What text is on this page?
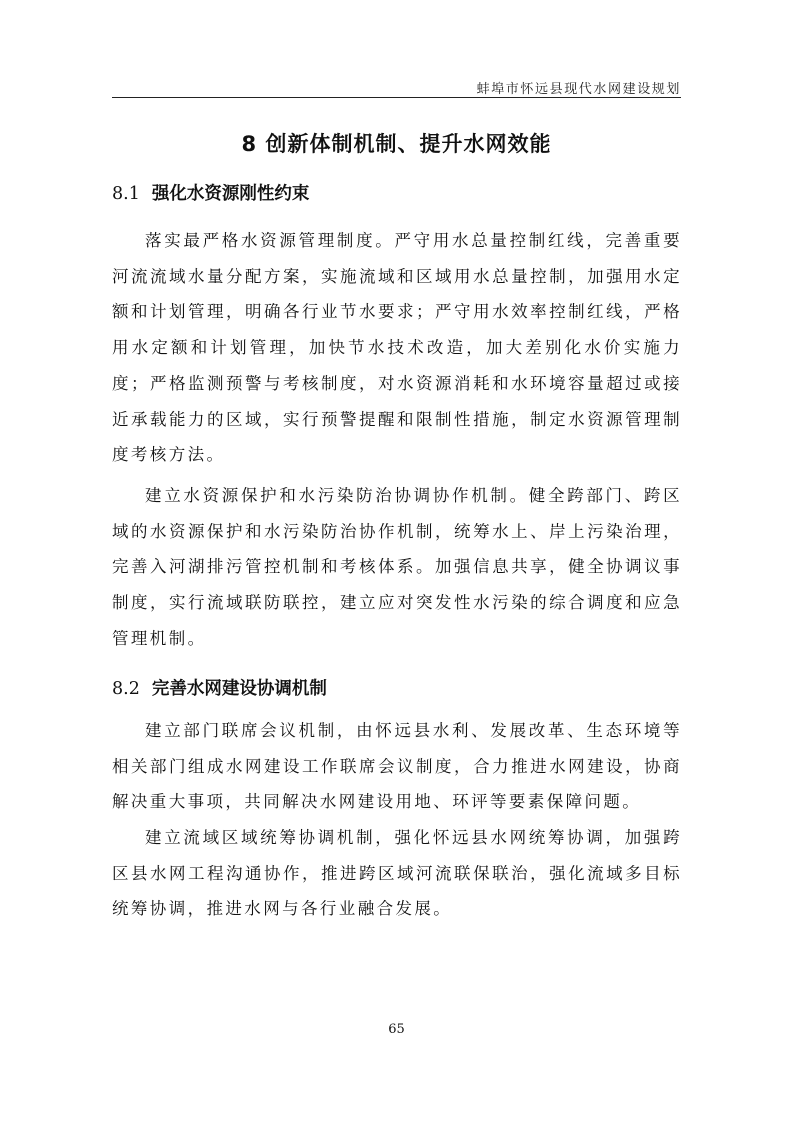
蚌埠市怀远县现代水网建设规划
8 创新体制机制、提升水网效能
8.1 强化水资源刚性约束

落实最严格水资源管理制度。严守用水总量控制红线，完善重要河流流域水量分配方案，实施流域和区域用水总量控制，加强用水定额和计划管理，明确各行业节水要求；严守用水效率控制红线，严格用水定额和计划管理，加快节水技术改造，加大差别化水价实施力度；严格监测预警与考核制度，对水资源消耗和水环境容量超过或接近承载能力的区域，实行预警提醒和限制性措施，制定水资源管理制度考核方法。

建立水资源保护和水污染防治协调协作机制。健全跨部门、跨区域的水资源保护和水污染防治协作机制，统筹水上、岸上污染治理，完善入河湖排污管控机制和考核体系。加强信息共享，健全协调议事制度，实行流域联防联控，建立应对突发性水污染的综合调度和应急管理机制。

8.2 完善水网建设协调机制

建立部门联席会议机制，由怀远县水利、发展改革、生态环境等相关部门组成水网建设工作联席会议制度，合力推进水网建设，协商解决重大事项，共同解决水网建设用地、环评等要素保障问题。

建立流域区域统筹协调机制，强化怀远县水网统筹协调，加强跨区县水网工程沟通协作，推进跨区域河流联保联治，强化流域多目标统筹协调，推进水网与各行业融合发展。

65
